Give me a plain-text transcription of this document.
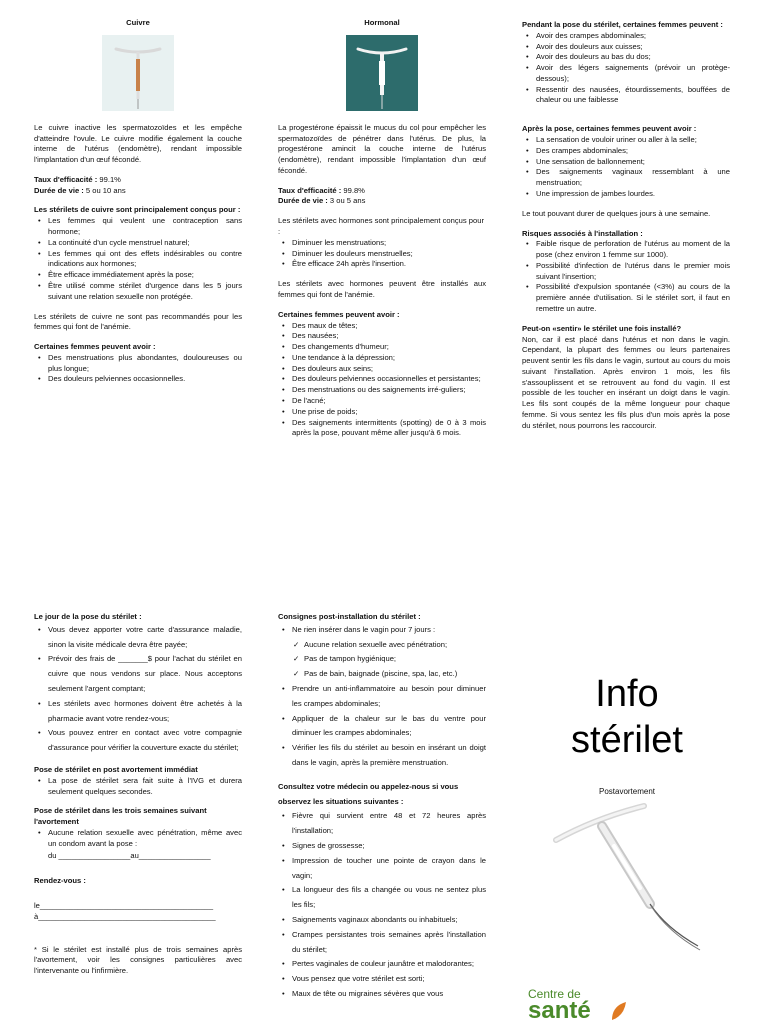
Cuivre

Le cuivre inactive les spermatozoïdes et les empêche d'atteindre l'ovule. Le cuivre modifie également la couche interne de l'utérus (endomètre), rendant impossible l'implantation d'un œuf fécondé.

Taux d'efficacité : 99.1%
Durée de vie : 5 ou 10 ans
Les stérilets de cuivre sont principalement conçus pour :
• Les femmes qui veulent une contraception sans hormone;
• La continuité d'un cycle menstruel naturel;
• Les femmes qui ont des effets indésirables ou contre indications aux hormones;
• Être efficace immédiatement après la pose;
• Être utilisé comme stérilet d'urgence dans les 5 jours suivant une relation sexuelle non protégée.

Les stérilets de cuivre ne sont pas recommandés pour les femmes qui font de l'anémie.

Certaines femmes peuvent avoir :
• Des menstruations plus abondantes, douloureuses ou plus longue;
• Des douleurs pelviennes occasionnelles.
Hormonal

La progestérone épaissit le mucus du col pour empêcher les spermatozoïdes de pénétrer dans l'utérus. De plus, la progestérone amincit la couche interne de l'utérus (endomètre), rendant impossible l'implantation d'un œuf fécondé.

Taux d'efficacité : 99.8%
Durée de vie : 3 ou 5 ans
Les stérilets avec hormones sont principalement conçus pour :
• Diminuer les menstruations;
• Diminuer les douleurs menstruelles;
• Être efficace 24h après l'insertion.

Les stérilets avec hormones peuvent être installés aux femmes qui font de l'anémie.

Certaines femmes peuvent avoir :
• Des maux de têtes;
• Des nausées;
• Des changements d'humeur;
• Une tendance à la dépression;
• Des douleurs aux seins;
• Des douleurs pelviennes occasionnelles et persistantes;
• Des menstruations ou des saignements irré-guliers;
• De l'acné;
• Une prise de poids;
• Des saignements intermittents (spotting) de 0 à 3 mois après la pose, pouvant même aller jusqu'à 6 mois.
Pendant la pose du stérilet, certaines femmes peuvent :
• Avoir des crampes abdominales;
• Avoir des douleurs aux cuisses;
• Avoir des douleurs au bas du dos;
• Avoir des légers saignements (prévoir un protège-dessous);
• Ressentir des nausées, étourdissements, bouffées de chaleur ou une faiblesse
Après la pose, certaines femmes peuvent avoir :
• La sensation de vouloir uriner ou aller à la selle;
• Des crampes abdominales;
• Une sensation de ballonnement;
• Des saignements vaginaux ressemblant à une menstruation;
• Une impression de jambes lourdes.

Le tout pouvant durer de quelques jours à une semaine.

Risques associés à l'installation :
• Faible risque de perforation de l'utérus au moment de la pose (chez environ 1 femme sur 1000).
• Possibilité d'infection de l'utérus dans le premier mois suivant l'insertion;
• Possibilité d'expulsion spontanée (<3%) au cours de la première année d'utilisation. Si le stérilet sort, il faut en remettre un autre.
Peut-on «sentir» le stérilet une fois installé?

Non, car il est placé dans l'utérus et non dans le vagin. Cependant, la plupart des femmes ou leurs partenaires peuvent sentir les fils dans le vagin, surtout au cours du mois suivant l'installation. Après environ 1 mois, les fils s'assouplissent et se retrouvent au fond du vagin. Il est possible de les toucher en insérant un doigt dans le vagin. Les fils sont coupés de la même longueur pour chaque femme. Si vous sentez les fils plus d'un mois après la pose du stérilet, nous pourrons les raccourcir.

Le jour de la pose du stérilet :
• Vous devez apporter votre carte d'assurance maladie, sinon la visite médicale devra être payée;
• Prévoir des frais de _______$ pour l'achat du stérilet en cuivre que nous vendons sur place. Nous acceptons seulement l'argent comptant;
• Les stérilets avec hormones doivent être achetés à la pharmacie avant votre rendez-vous;
• Vous pouvez entrer en contact avec votre compagnie d'assurance pour vérifier la couverture exacte du stérilet;
Pose de stérilet en post avortement immédiat
• La pose de stérilet sera fait suite à l'IVG et durera seulement quelques secondes.
Pose de stérilet dans les trois semaines suivant l'avortement
• Aucune relation sexuelle avec pénétration, même avec un condom avant la pose :
du _________________au_________________
Rendez-vous :
le_________________________________________
à__________________________________________

* Si le stérilet est installé plus de trois semaines après l'avortement, voir les consignes particulières avec l'intervenante ou l'infirmière.

Consignes post-installation du stérilet :
• Ne rien insérer dans le vagin pour 7 jours :
✓ Aucune relation sexuelle avec pénétration;
✓ Pas de tampon hygiénique;
✓ Pas de bain, baignade (piscine, spa, lac, etc.)
• Prendre un anti-inflammatoire au besoin pour diminuer les crampes abdominales;
• Appliquer de la chaleur sur le bas du ventre pour diminuer les crampes abdominales;
• Vérifier les fils du stérilet au besoin en insérant un doigt dans le vagin, après la première menstruation.
Consultez votre médecin ou appelez-nous si vous observez les situations suivantes :
• Fièvre qui survient entre 48 et 72 heures après l'installation;
• Signes de grossesse;
• Impression de toucher une pointe de crayon dans le vagin;
• La longueur des fils a changée ou vous ne sentez plus les fils;
• Saignements vaginaux abondants ou inhabituels;
• Crampes persistantes trois semaines après l'installation du stérilet;
• Pertes vaginales de couleur jaunâtre et malodorantes;
• Vous pensez que votre stérilet est sorti;
• Maux de tête ou migraines sévères que vous
Info
stérilet
Postavortement
Centre de
santé
